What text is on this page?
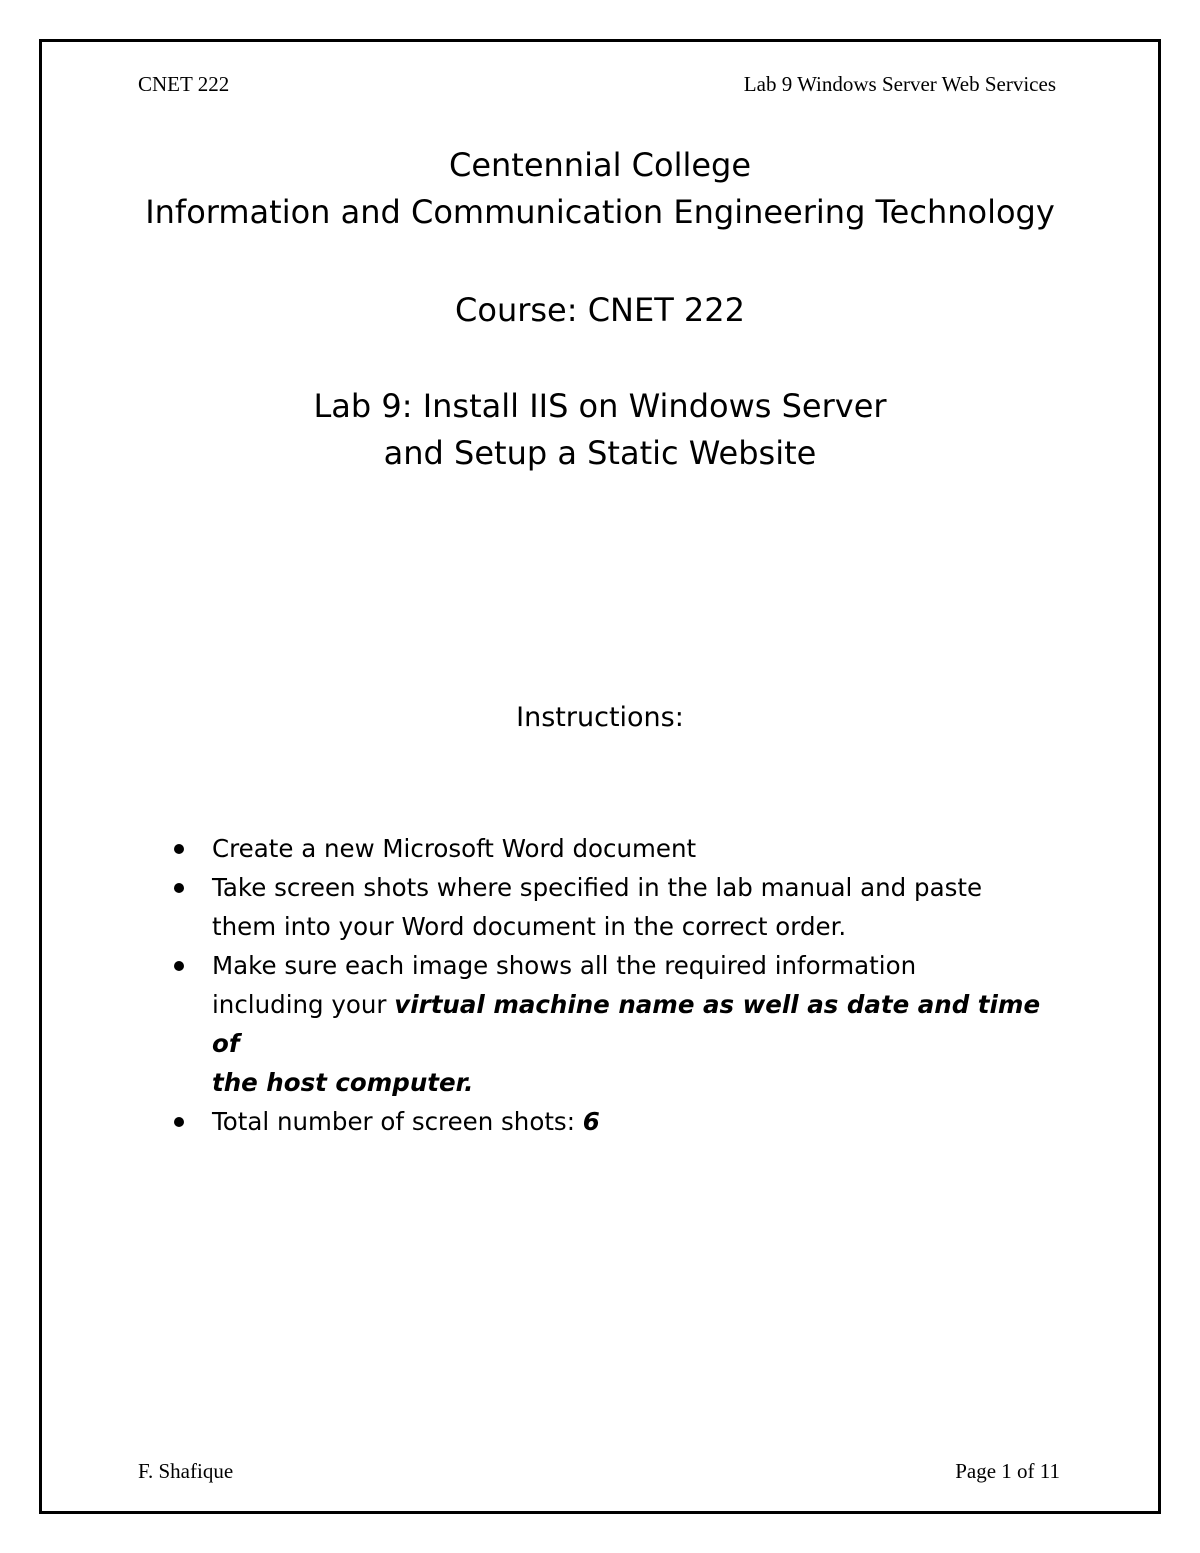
CNET 222	Lab 9 Windows Server Web Services
Centennial College
Information and Communication Engineering Technology
Course: CNET 222
Lab 9: Install IIS on Windows Server
and Setup a Static Website
Instructions:
Create a new Microsoft Word document
Take screen shots where specified in the lab manual and paste
them into your Word document in the correct order.
Make sure each image shows all the required information
including your virtual machine name as well as date and time of
the host computer.
Total number of screen shots: 6
F. Shafique	Page 1 of 11
